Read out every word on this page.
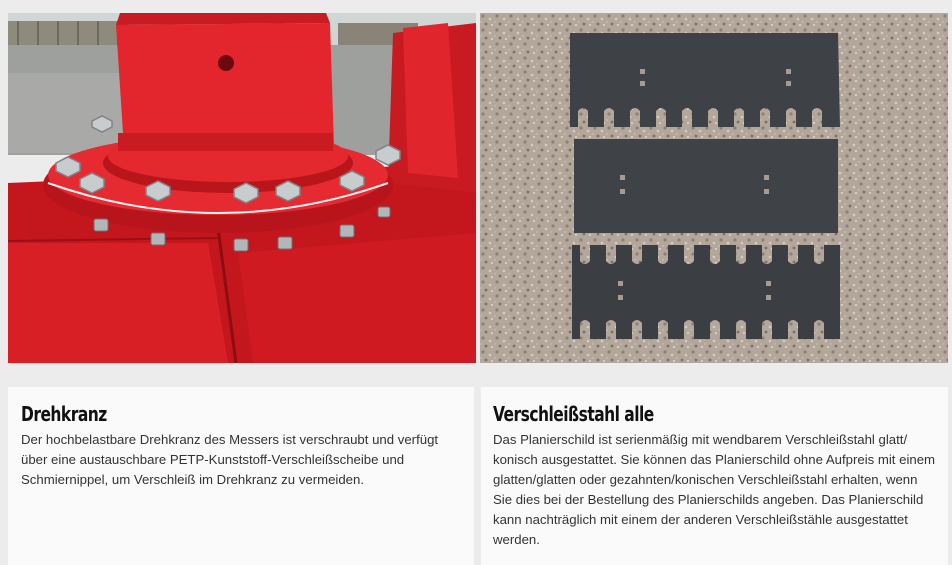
Drehkranz

Der hochbelastbare Drehkranz des Messers ist verschraubt und verfügt über eine austauschbare PETP-Kunststoff-Verschleißscheibe und Schmiernippel, um Verschleiß im Drehkranz zu vermeiden.

Verschleißstahl alle

Das Planierschild ist serienmäßig mit wendbarem Verschleißstahl glatt/ konisch ausgestattet. Sie können das Planierschild ohne Aufpreis mit einem glatten/glatten oder gezahnten/konischen Verschleißstahl erhalten, wenn Sie dies bei der Bestellung des Planierschilds angeben. Das Planierschild kann nachträglich mit einem der anderen Verschleißstähle ausgestattet werden.
